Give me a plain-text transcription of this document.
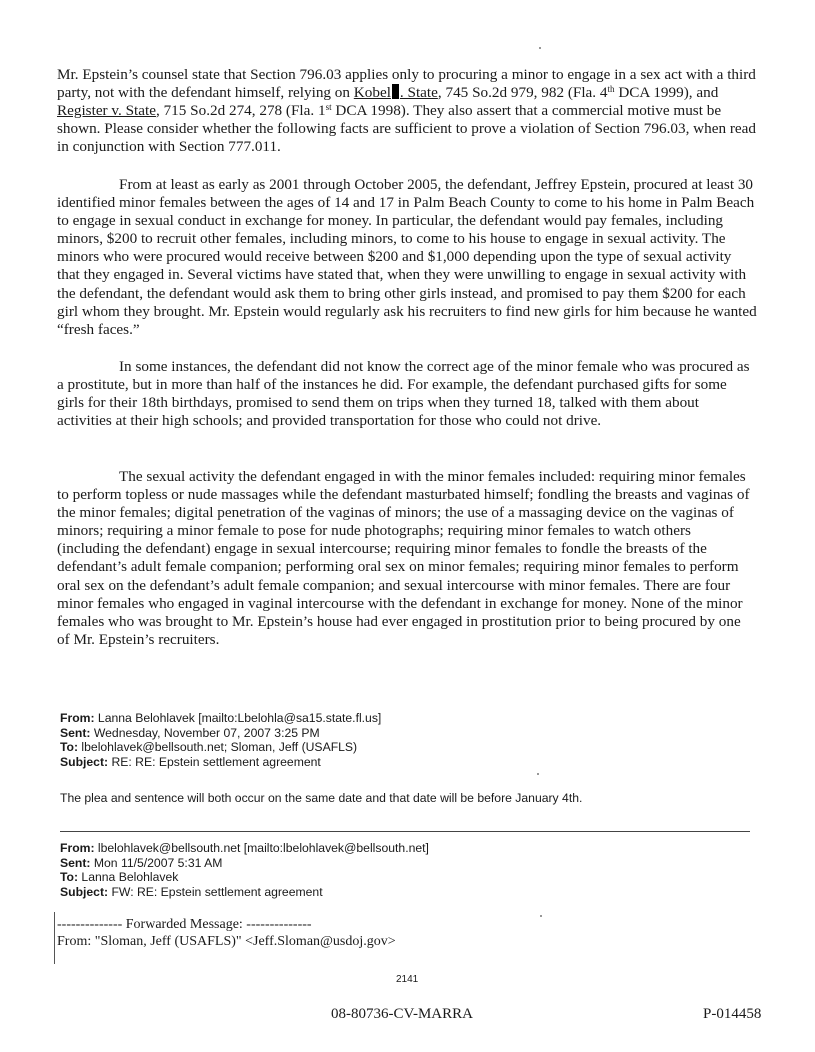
Mr. Epstein’s counsel state that Section 796.03 applies only to procuring a minor to engage in a sex act with a third party, not with the defendant himself, relying on Kobel . State, 745 So.2d 979, 982 (Fla. 4th DCA 1999), and Register v. State, 715 So.2d 274, 278 (Fla. 1st DCA 1998). They also assert that a commercial motive must be shown. Please consider whether the following facts are sufficient to prove a violation of Section 796.03, when read in conjunction with Section 777.011.

From at least as early as 2001 through October 2005, the defendant, Jeffrey Epstein, procured at least 30 identified minor females between the ages of 14 and 17 in Palm Beach County to come to his home in Palm Beach to engage in sexual conduct in exchange for money. In particular, the defendant would pay females, including minors, $200 to recruit other females, including minors, to come to his house to engage in sexual activity. The minors who were procured would receive between $200 and $1,000 depending upon the type of sexual activity that they engaged in. Several victims have stated that, when they were unwilling to engage in sexual activity with the defendant, the defendant would ask them to bring other girls instead, and promised to pay them $200 for each girl whom they brought. Mr. Epstein would regularly ask his recruiters to find new girls for him because he wanted “fresh faces.”

In some instances, the defendant did not know the correct age of the minor female who was procured as a prostitute, but in more than half of the instances he did. For example, the defendant purchased gifts for some girls for their 18th birthdays, promised to send them on trips when they turned 18, talked with them about activities at their high schools; and provided transportation for those who could not drive.

The sexual activity the defendant engaged in with the minor females included: requiring minor females to perform topless or nude massages while the defendant masturbated himself; fondling the breasts and vaginas of the minor females; digital penetration of the vaginas of minors; the use of a massaging device on the vaginas of minors; requiring a minor female to pose for nude photographs; requiring minor females to watch others (including the defendant) engage in sexual intercourse; requiring minor females to fondle the breasts of the defendant’s adult female companion; performing oral sex on minor females; requiring minor females to perform oral sex on the defendant’s adult female companion; and sexual intercourse with minor females. There are four minor females who engaged in vaginal intercourse with the defendant in exchange for money. None of the minor females who was brought to Mr. Epstein’s house had ever engaged in prostitution prior to being procured by one of Mr. Epstein’s recruiters.

From: Lanna Belohlavek [mailto:Lbelohla@sa15.state.fl.us]
Sent: Wednesday, November 07, 2007 3:25 PM
To: lbelohlavek@bellsouth.net; Sloman, Jeff (USAFLS)
Subject: RE: RE: Epstein settlement agreement
The plea and sentence will both occur on the same date and that date will be before January 4th.
From: lbelohlavek@bellsouth.net [mailto:lbelohlavek@bellsouth.net]
Sent: Mon 11/5/2007 5:31 AM
To: Lanna Belohlavek
Subject: FW: RE: Epstein settlement agreement
-------------- Forwarded Message: --------------
From: "Sloman, Jeff (USAFLS)" <Jeff.Sloman@usdoj.gov>
2141
08-80736-CV-MARRA	P-014458
